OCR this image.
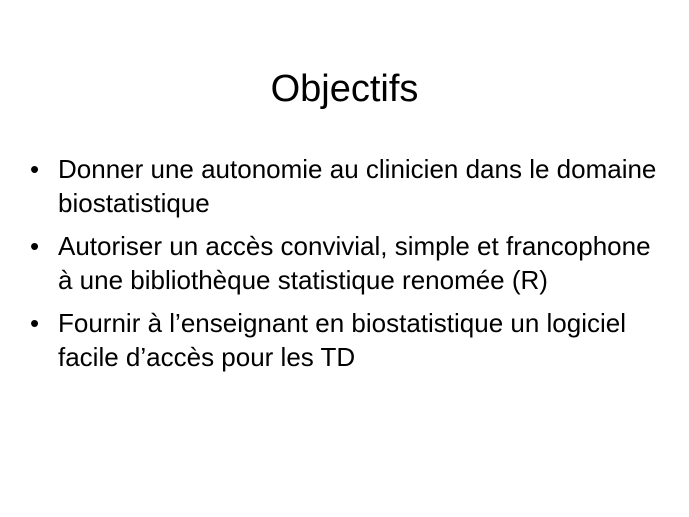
Objectifs
• Donner une autonomie au clinicien dans le domaine biostatistique
• Autoriser un accès convivial, simple et francophone à une bibliothèque statistique renomée (R)
• Fournir à l’enseignant en biostatistique un logiciel facile d’accès pour les TD
